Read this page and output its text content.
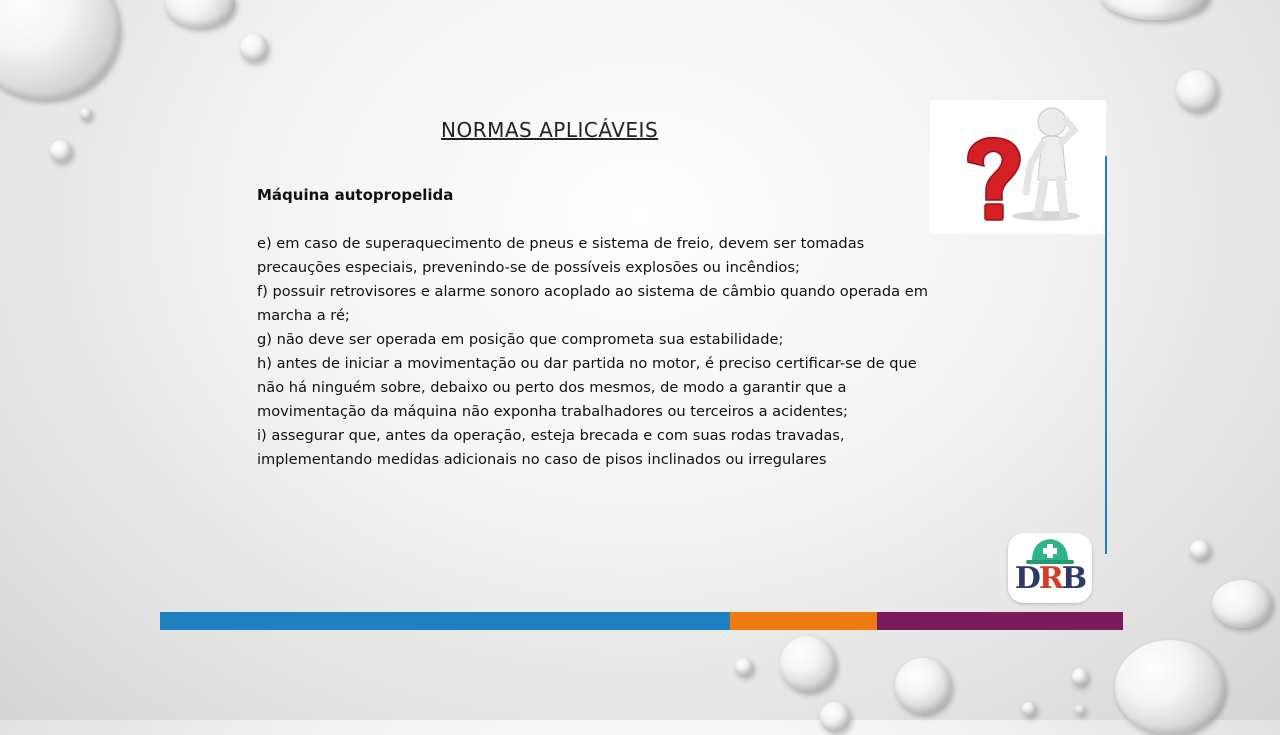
NORMAS APLICÁVEIS
Máquina autopropelida

e) em caso de superaquecimento de pneus e sistema de freio, devem ser tomadas precauções especiais, prevenindo-se de possíveis explosões ou incêndios;

f) possuir retrovisores e alarme sonoro acoplado ao sistema de câmbio quando operada em marcha a ré;

g) não deve ser operada em posição que comprometa sua estabilidade;

h) antes de iniciar a movimentação ou dar partida no motor, é preciso certificar-se de que não há ninguém sobre, debaixo ou perto dos mesmos, de modo a garantir que a movimentação da máquina não exponha trabalhadores ou terceiros a acidentes;

i) assegurar que, antes da operação, esteja brecada e com suas rodas travadas, implementando medidas adicionais no caso de pisos inclinados ou irregulares

DRB
